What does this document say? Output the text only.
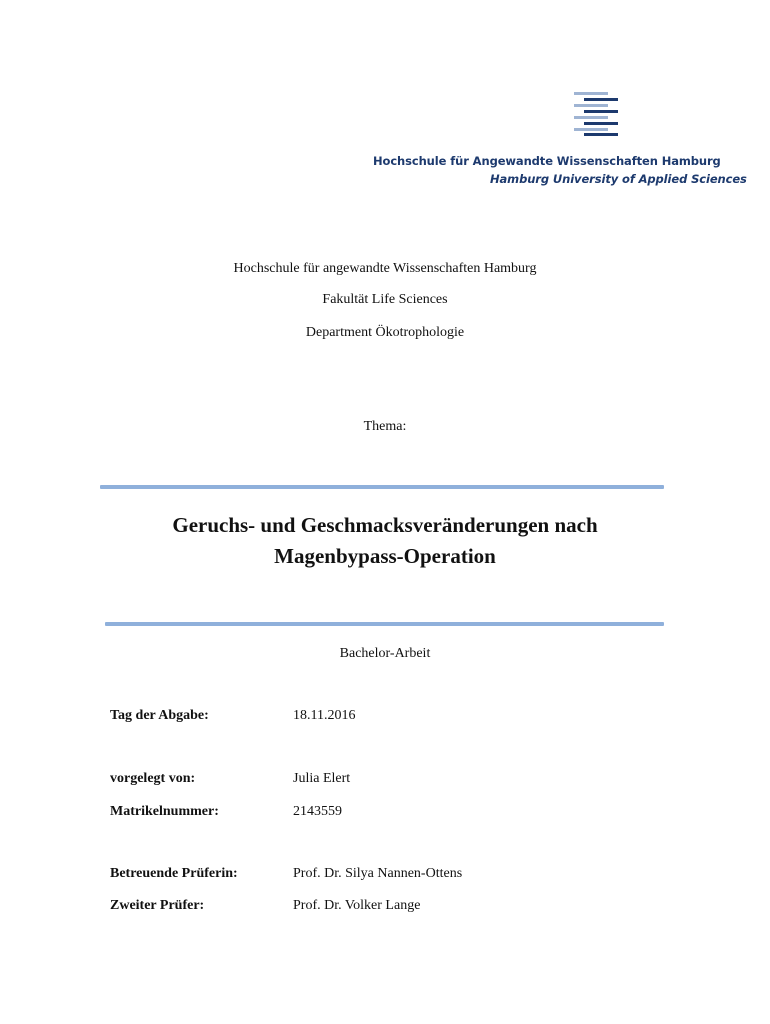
Hochschule für Angewandte Wissenschaften Hamburg
Hamburg University of Applied Sciences
Hochschule für angewandte Wissenschaften Hamburg
Fakultät Life Sciences
Department Ökotrophologie
Thema:
Geruchs- und Geschmacksveränderungen nach
Magenbypass-Operation
Bachelor-Arbeit
Tag der Abgabe:	18.11.2016
vorgelegt von:	Julia Elert
Matrikelnummer:	2143559
Betreuende Prüferin:	Prof. Dr. Silya Nannen-Ottens
Zweiter Prüfer:	Prof. Dr. Volker Lange
